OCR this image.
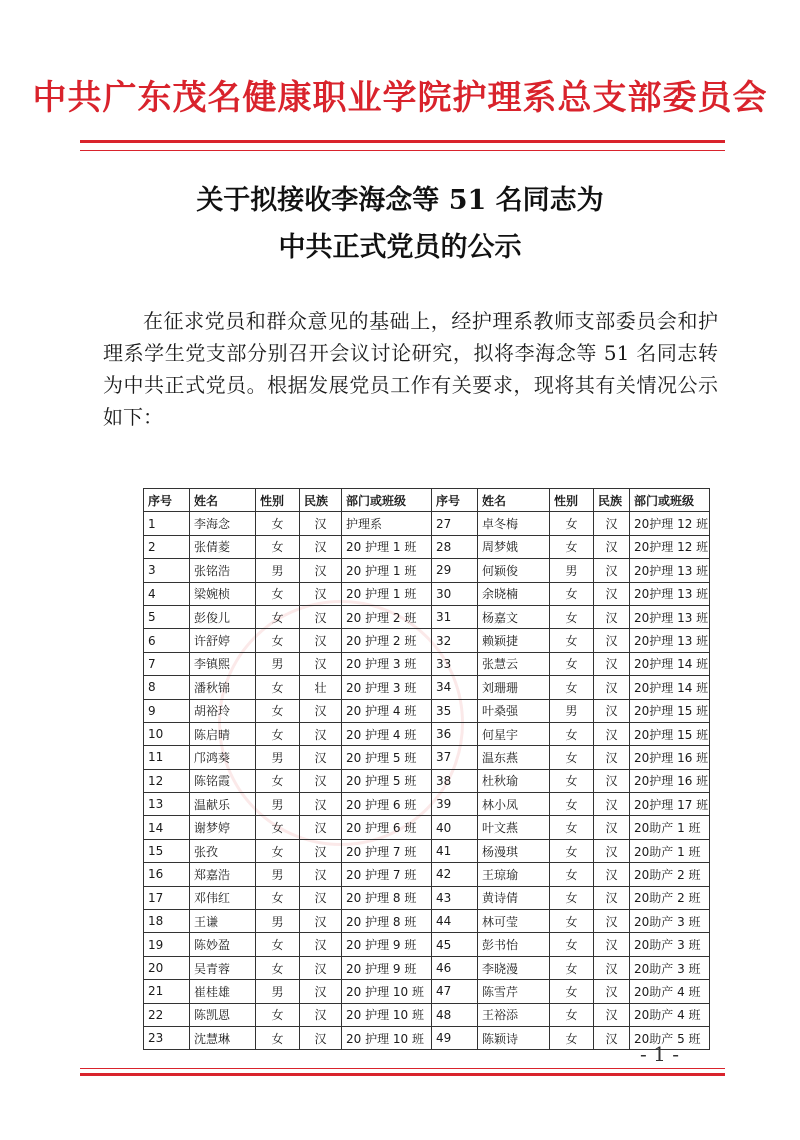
中共广东茂名健康职业学院护理系总支部委员会
关于拟接收李海念等 51 名同志为
中共正式党员的公示

在征求党员和群众意见的基础上，经护理系教师支部委员会和护理系学生党支部分别召开会议讨论研究，拟将李海念等 51 名同志转为中共正式党员。根据发展党员工作有关要求，现将其有关情况公示如下：

序号	姓名	性别	民族	部门或班级	序号	姓名	性别	民族	部门或班级
1	李海念	女	汉	护理系	27	卓冬梅	女	汉	20护理 12 班
2	张倩菱	女	汉	20 护理 1 班	28	周梦娥	女	汉	20护理 12 班
3	张铭浩	男	汉	20 护理 1 班	29	何颖俊	男	汉	20护理 13 班
4	梁婉桢	女	汉	20 护理 1 班	30	余晓楠	女	汉	20护理 13 班
5	彭俊儿	女	汉	20 护理 2 班	31	杨嘉文	女	汉	20护理 13 班
6	许舒婷	女	汉	20 护理 2 班	32	赖颖捷	女	汉	20护理 13 班
7	李镇熙	男	汉	20 护理 3 班	33	张慧云	女	汉	20护理 14 班
8	潘秋锦	女	壮	20 护理 3 班	34	刘珊珊	女	汉	20护理 14 班
9	胡裕玲	女	汉	20 护理 4 班	35	叶桑强	男	汉	20护理 15 班
10	陈启晴	女	汉	20 护理 4 班	36	何星宇	女	汉	20护理 15 班
11	邝鸿葵	男	汉	20 护理 5 班	37	温东燕	女	汉	20护理 16 班
12	陈铭霞	女	汉	20 护理 5 班	38	杜秋瑜	女	汉	20护理 16 班
13	温献乐	男	汉	20 护理 6 班	39	林小凤	女	汉	20护理 17 班
14	谢梦婷	女	汉	20 护理 6 班	40	叶文燕	女	汉	20助产 1 班
15	张孜	女	汉	20 护理 7 班	41	杨漫琪	女	汉	20助产 1 班
16	郑嘉浩	男	汉	20 护理 7 班	42	王琼瑜	女	汉	20助产 2 班
17	邓伟红	女	汉	20 护理 8 班	43	黄诗倩	女	汉	20助产 2 班
18	王谦	男	汉	20 护理 8 班	44	林可莹	女	汉	20助产 3 班
19	陈妙盈	女	汉	20 护理 9 班	45	彭书怡	女	汉	20助产 3 班
20	吴青蓉	女	汉	20 护理 9 班	46	李晓漫	女	汉	20助产 3 班
21	崔桂雄	男	汉	20 护理 10 班	47	陈雪芹	女	汉	20助产 4 班
22	陈凯恩	女	汉	20 护理 10 班	48	王裕添	女	汉	20助产 4 班
23	沈慧琳	女	汉	20 护理 10 班	49	陈颖诗	女	汉	20助产 5 班
- 1 -
